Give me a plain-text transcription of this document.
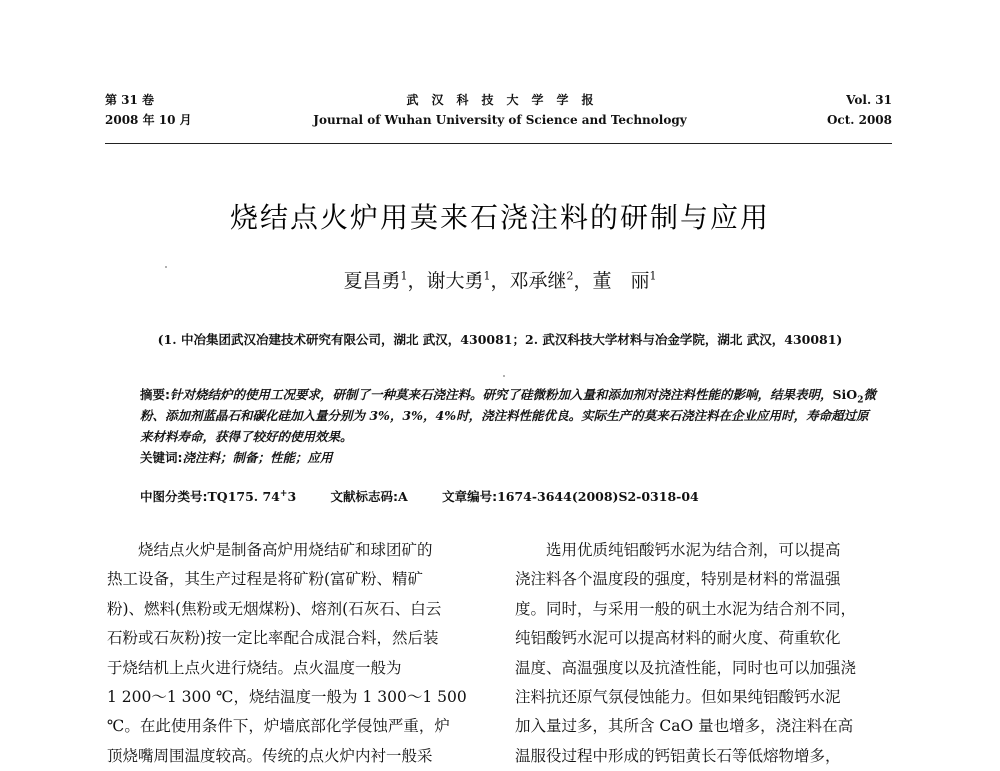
第 31 卷
2008 年 10 月
武汉科技大学学报
Journal of Wuhan University of Science and Technology
Vol. 31
Oct. 2008
烧结点火炉用莫来石浇注料的研制与应用
夏昌勇$^1$，谢大勇$^1$，邓承继$^2$，董　丽$^1$
(1. 中冶集团武汉冶建技术研究有限公司，湖北 武汉，430081；2. 武汉科技大学材料与冶金学院，湖北 武汉，430081)
摘要:针对烧结炉的使用工况要求，研制了一种莫来石浇注料。研究了硅微粉加入量和添加剂对浇注料性能的影响，结果表明，SiO$_2$微粉、添加剂蓝晶石和碳化硅加入量分别为 3%，3%，4%时，浇注料性能优良。实际生产的莫来石浇注料在企业应用时，寿命超过原来材料寿命，获得了较好的使用效果。
关键词:浇注料；制备；性能；应用
中图分类号:TQ175. 74+3	文献标志码:A	文章编号:1674-3644(2008)S2-0318-04
　　烧结点火炉是制备高炉用烧结矿和球团矿的
热工设备，其生产过程是将矿粉(富矿粉、精矿
粉)、燃料(焦粉或无烟煤粉)、熔剂(石灰石、白云
石粉或石灰粉)按一定比率配合成混合料，然后装
于烧结机上点火进行烧结。点火温度一般为
1 200～1 300 ℃，烧结温度一般为 1 300～1 500
℃。在此使用条件下，炉墙底部化学侵蚀严重，炉
顶烧嘴周围温度较高。传统的点火炉内衬一般采
　　选用优质纯铝酸钙水泥为结合剂，可以提高
浇注料各个温度段的强度，特别是材料的常温强
度。同时，与采用一般的矾土水泥为结合剂不同，
纯铝酸钙水泥可以提高材料的耐火度、荷重软化
温度、高温强度以及抗渣性能，同时也可以加强浇
注料抗还原气氛侵蚀能力。但如果纯铝酸钙水泥
加入量过多，其所含 CaO 量也增多，浇注料在高
温服役过程中形成的钙铝黄长石等低熔物增多，
